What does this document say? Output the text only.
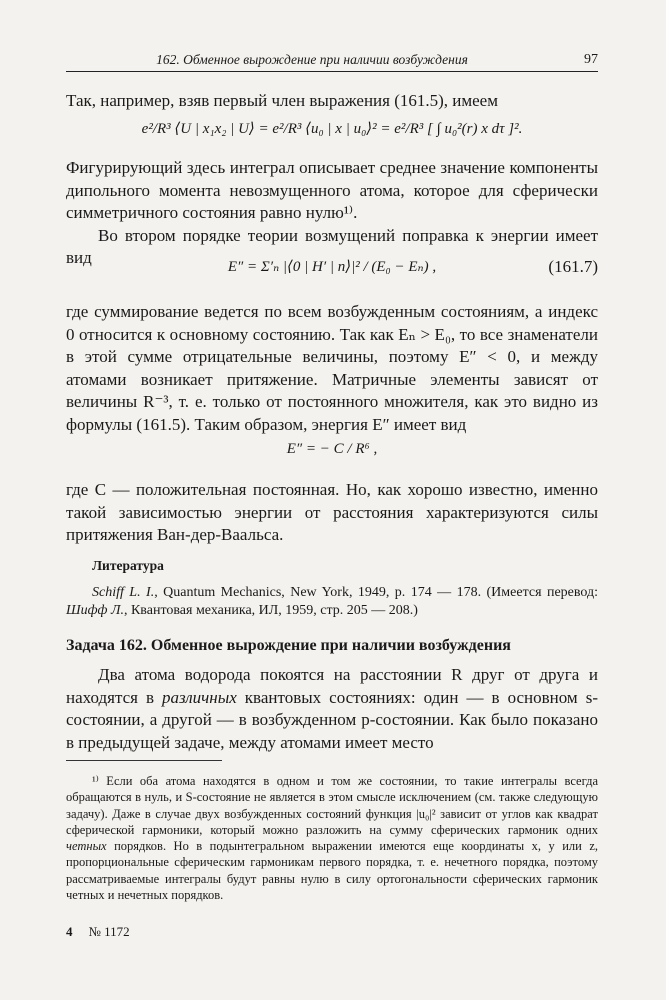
162. Обменное вырождение при наличии возбуждения	97

Так, например, взяв первый член выражения (161.5), имеем

e²/R³ ⟨U | x₁x₂ | U⟩ = e²/R³ ⟨u₀ | x | u₀⟩² = e²/R³ [ ∫ u₀²(r) x dτ ]².

Фигурирующий здесь интеграл описывает среднее значение компоненты дипольного момента невозмущенного атома, которое для сферически симметричного состояния равно нулю¹⁾.

Во втором порядке теории возмущений поправка к энергии имеет вид	E″ = Σ′ₙ |⟨0 | H′ | n⟩|² / (E₀ − Eₙ) ,	(161.7)

где суммирование ведется по всем возбужденным состояниям, а индекс 0 относится к основному состоянию. Так как Eₙ > E₀, то все знаменатели в этой сумме отрицательные величины, поэтому E″ < 0, и между атомами возникает притяжение. Матричные элементы зависят от величины R⁻³, т. е. только от постоянного множителя, как это видно из формулы (161.5). Таким образом, энергия E″ имеет вид

E″ = − C / R⁶ ,

где C — положительная постоянная. Но, как хорошо известно, именно такой зависимостью энергии от расстояния характеризуются силы притяжения Ван-дер-Ваальса.

Литература
Schiff L. I., Quantum Mechanics, New York, 1949, p. 174 — 178. (Имеется перевод: Шифф Л., Квантовая механика, ИЛ, 1959, стр. 205 — 208.)
Задача 162. Обменное вырождение при наличии возбуждения

Два атома водорода покоятся на расстоянии R друг от друга и находятся в различных квантовых состояниях: один — в основном s-состоянии, а другой — в возбужденном p-состоянии. Как было показано в предыдущей задаче, между атомами имеет место

¹⁾ Если оба атома находятся в одном и том же состоянии, то такие интегралы всегда обращаются в нуль, и S-состояние не является в этом смысле исключением (см. также следующую задачу). Даже в случае двух возбужденных состояний функция |u₀|² зависит от углов как квадрат сферической гармоники, который можно разложить на сумму сферических гармоник одних четных порядков. Но в подынтегральном выражении имеются еще координаты x, y или z, пропорциональные сферическим гармоникам первого порядка, т. е. нечетного порядка, поэтому рассматриваемые интегралы будут равны нулю в силу ортогональности сферических гармоник четных и нечетных порядков.
4 № 1172
